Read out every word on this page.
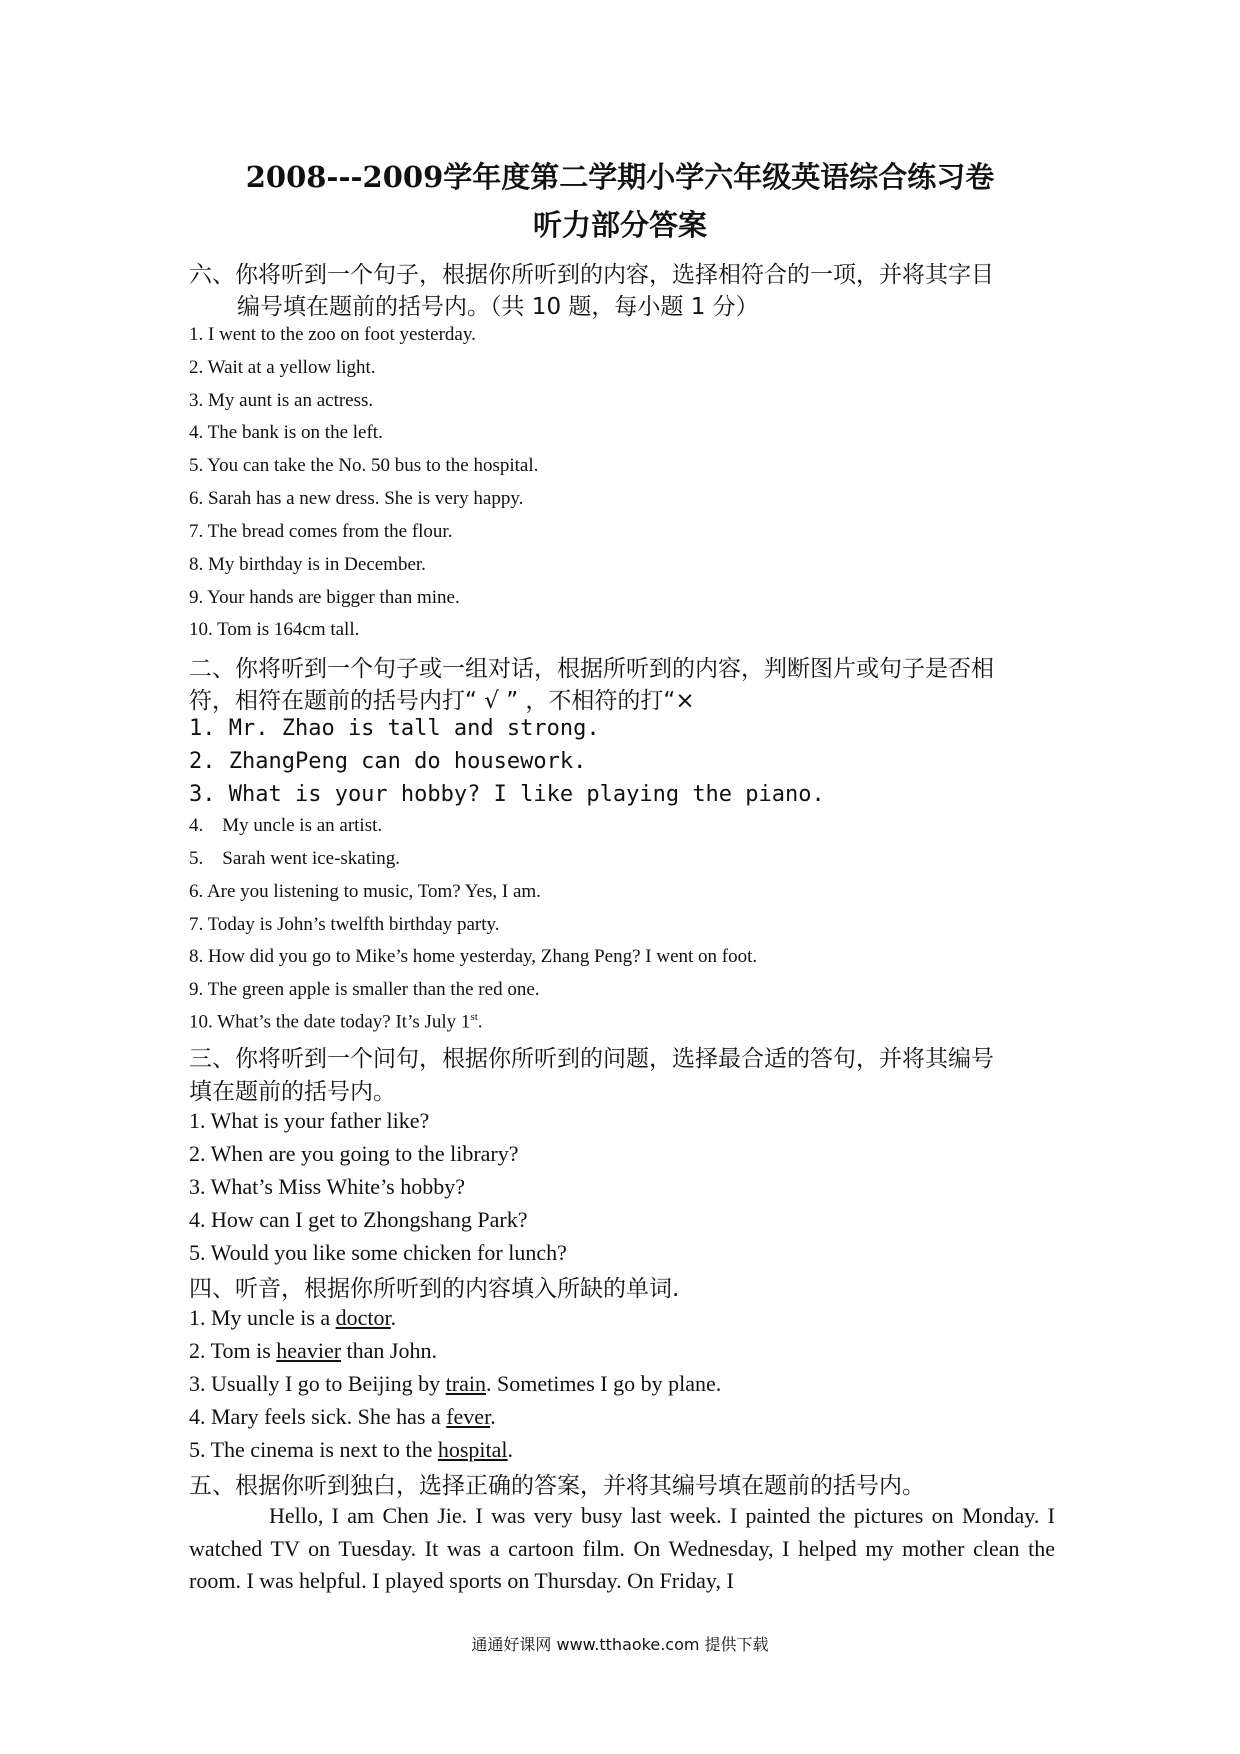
2008---2009学年度第二学期小学六年级英语综合练习卷
听力部分答案
六、你将听到一个句子，根据你所听到的内容，选择相符合的一项，并将其字目
编号填在题前的括号内。（共 10 题，每小题 1 分）
1. I went to the zoo on foot yesterday.
2. Wait at a yellow light.
3. My aunt is an actress.
4. The bank is on the left.
5. You can take the No. 50 bus to the hospital.
6. Sarah has a new dress. She is very happy.
7. The bread comes from the flour.
8. My birthday is in December.
9. Your hands are bigger than mine.
10. Tom is 164cm tall.
二、你将听到一个句子或一组对话，根据所听到的内容，判断图片或句子是否相
符，相符在题前的括号内打“ √ ” ，不相符的打“×
1. Mr. Zhao is tall and strong.
2. ZhangPeng can do housework.
3. What is your hobby? I like playing the piano.
4.    My uncle is an artist.
5.    Sarah went ice-skating.
6. Are you listening to music, Tom? Yes, I am.
7. Today is John’s twelfth birthday party.
8. How did you go to Mike’s home yesterday, Zhang Peng? I went on foot.
9. The green apple is smaller than the red one.
10. What’s the date today? It’s July 1st.
三、你将听到一个问句，根据你所听到的问题，选择最合适的答句，并将其编号
填在题前的括号内。
1. What is your father like?
2. When are you going to the library?
3. What’s Miss White’s hobby?
4. How can I get to Zhongshang Park?
5. Would you like some chicken for lunch?
四、听音，根据你所听到的内容填入所缺的单词.
1. My uncle is a doctor.
2. Tom is heavier than John.
3. Usually I go to Beijing by train. Sometimes I go by plane.
4. Mary feels sick. She has a fever.
5. The cinema is next to the hospital.
五、根据你听到独白，选择正确的答案，并将其编号填在题前的括号内。

Hello, I am Chen Jie. I was very busy last week. I painted the pictures on Monday. I watched TV on Tuesday. It was a cartoon film. On Wednesday, I helped my mother clean the room. I was helpful. I played sports on Thursday. On Friday, I

通通好课网 www.tthaoke.com 提供下载
